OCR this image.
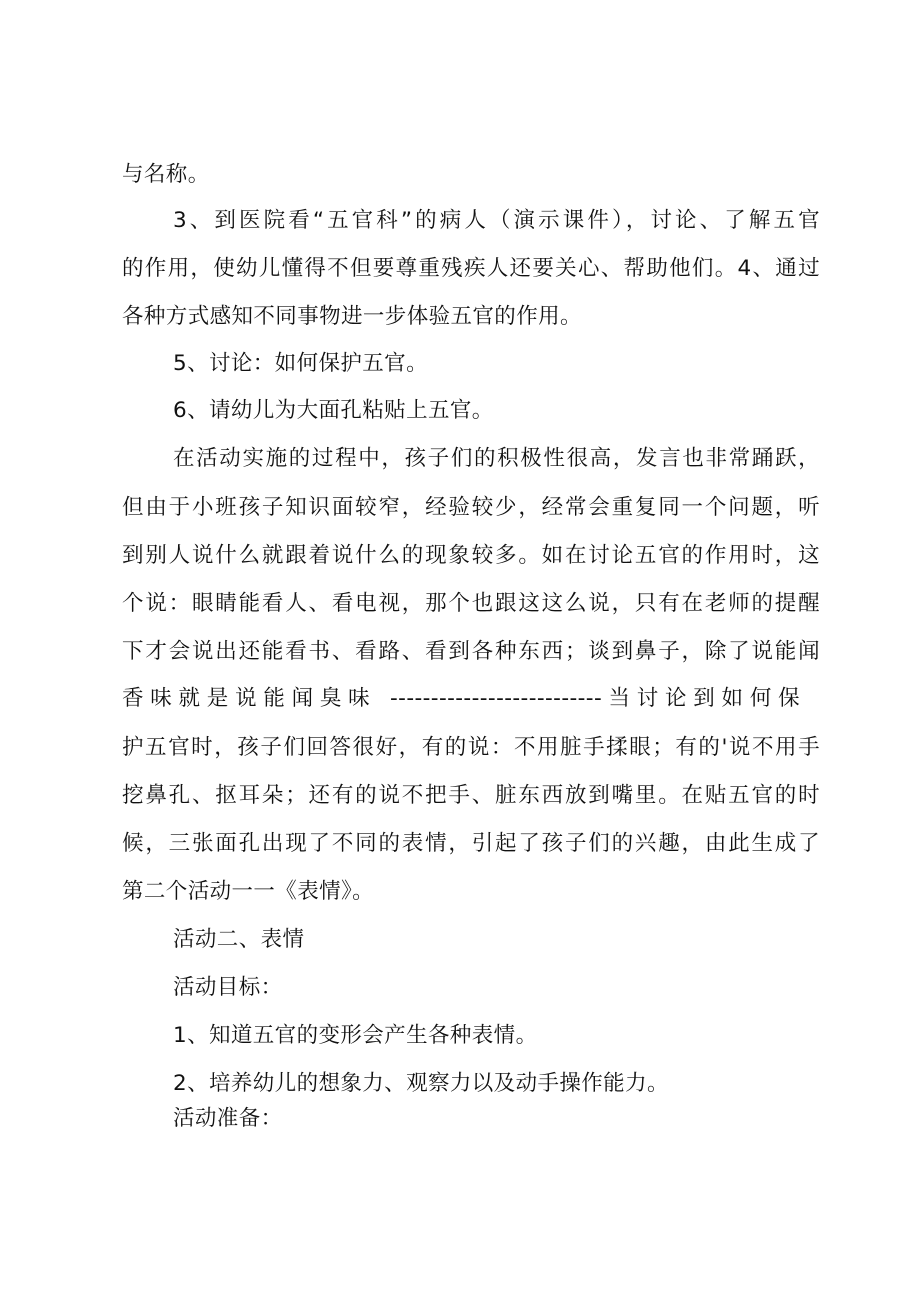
与名称。
3、到医院看“五官科”的病人（演示课件），讨论、了解五官
的作用，使幼儿懂得不但要尊重残疾人还要关心、帮助他们。4、通过
各种方式感知不同事物进一步体验五官的作用。
5、讨论：如何保护五官。
6、请幼儿为大面孔粘贴上五官。
在活动实施的过程中，孩子们的积极性很高，发言也非常踊跃，
但由于小班孩子知识面较窄，经验较少，经常会重复同一个问题，听
到别人说什么就跟着说什么的现象较多。如在讨论五官的作用时，这
个说：眼睛能看人、看电视，那个也跟这这么说，只有在老师的提醒
下才会说出还能看书、看路、看到各种东西；谈到鼻子，除了说能闻
香味就是说能闻臭味 --------------------------当讨论到如何保
护五官时，孩子们回答很好，有的说：不用脏手揉眼；有的'说不用手
挖鼻孔、抠耳朵；还有的说不把手、脏东西放到嘴里。在贴五官的时
候，三张面孔出现了不同的表情，引起了孩子们的兴趣，由此生成了
第二个活动一一《表情》。
活动二、表情
活动目标：
1、知道五官的变形会产生各种表情。
2、培养幼儿的想象力、观察力以及动手操作能力。
活动准备：
